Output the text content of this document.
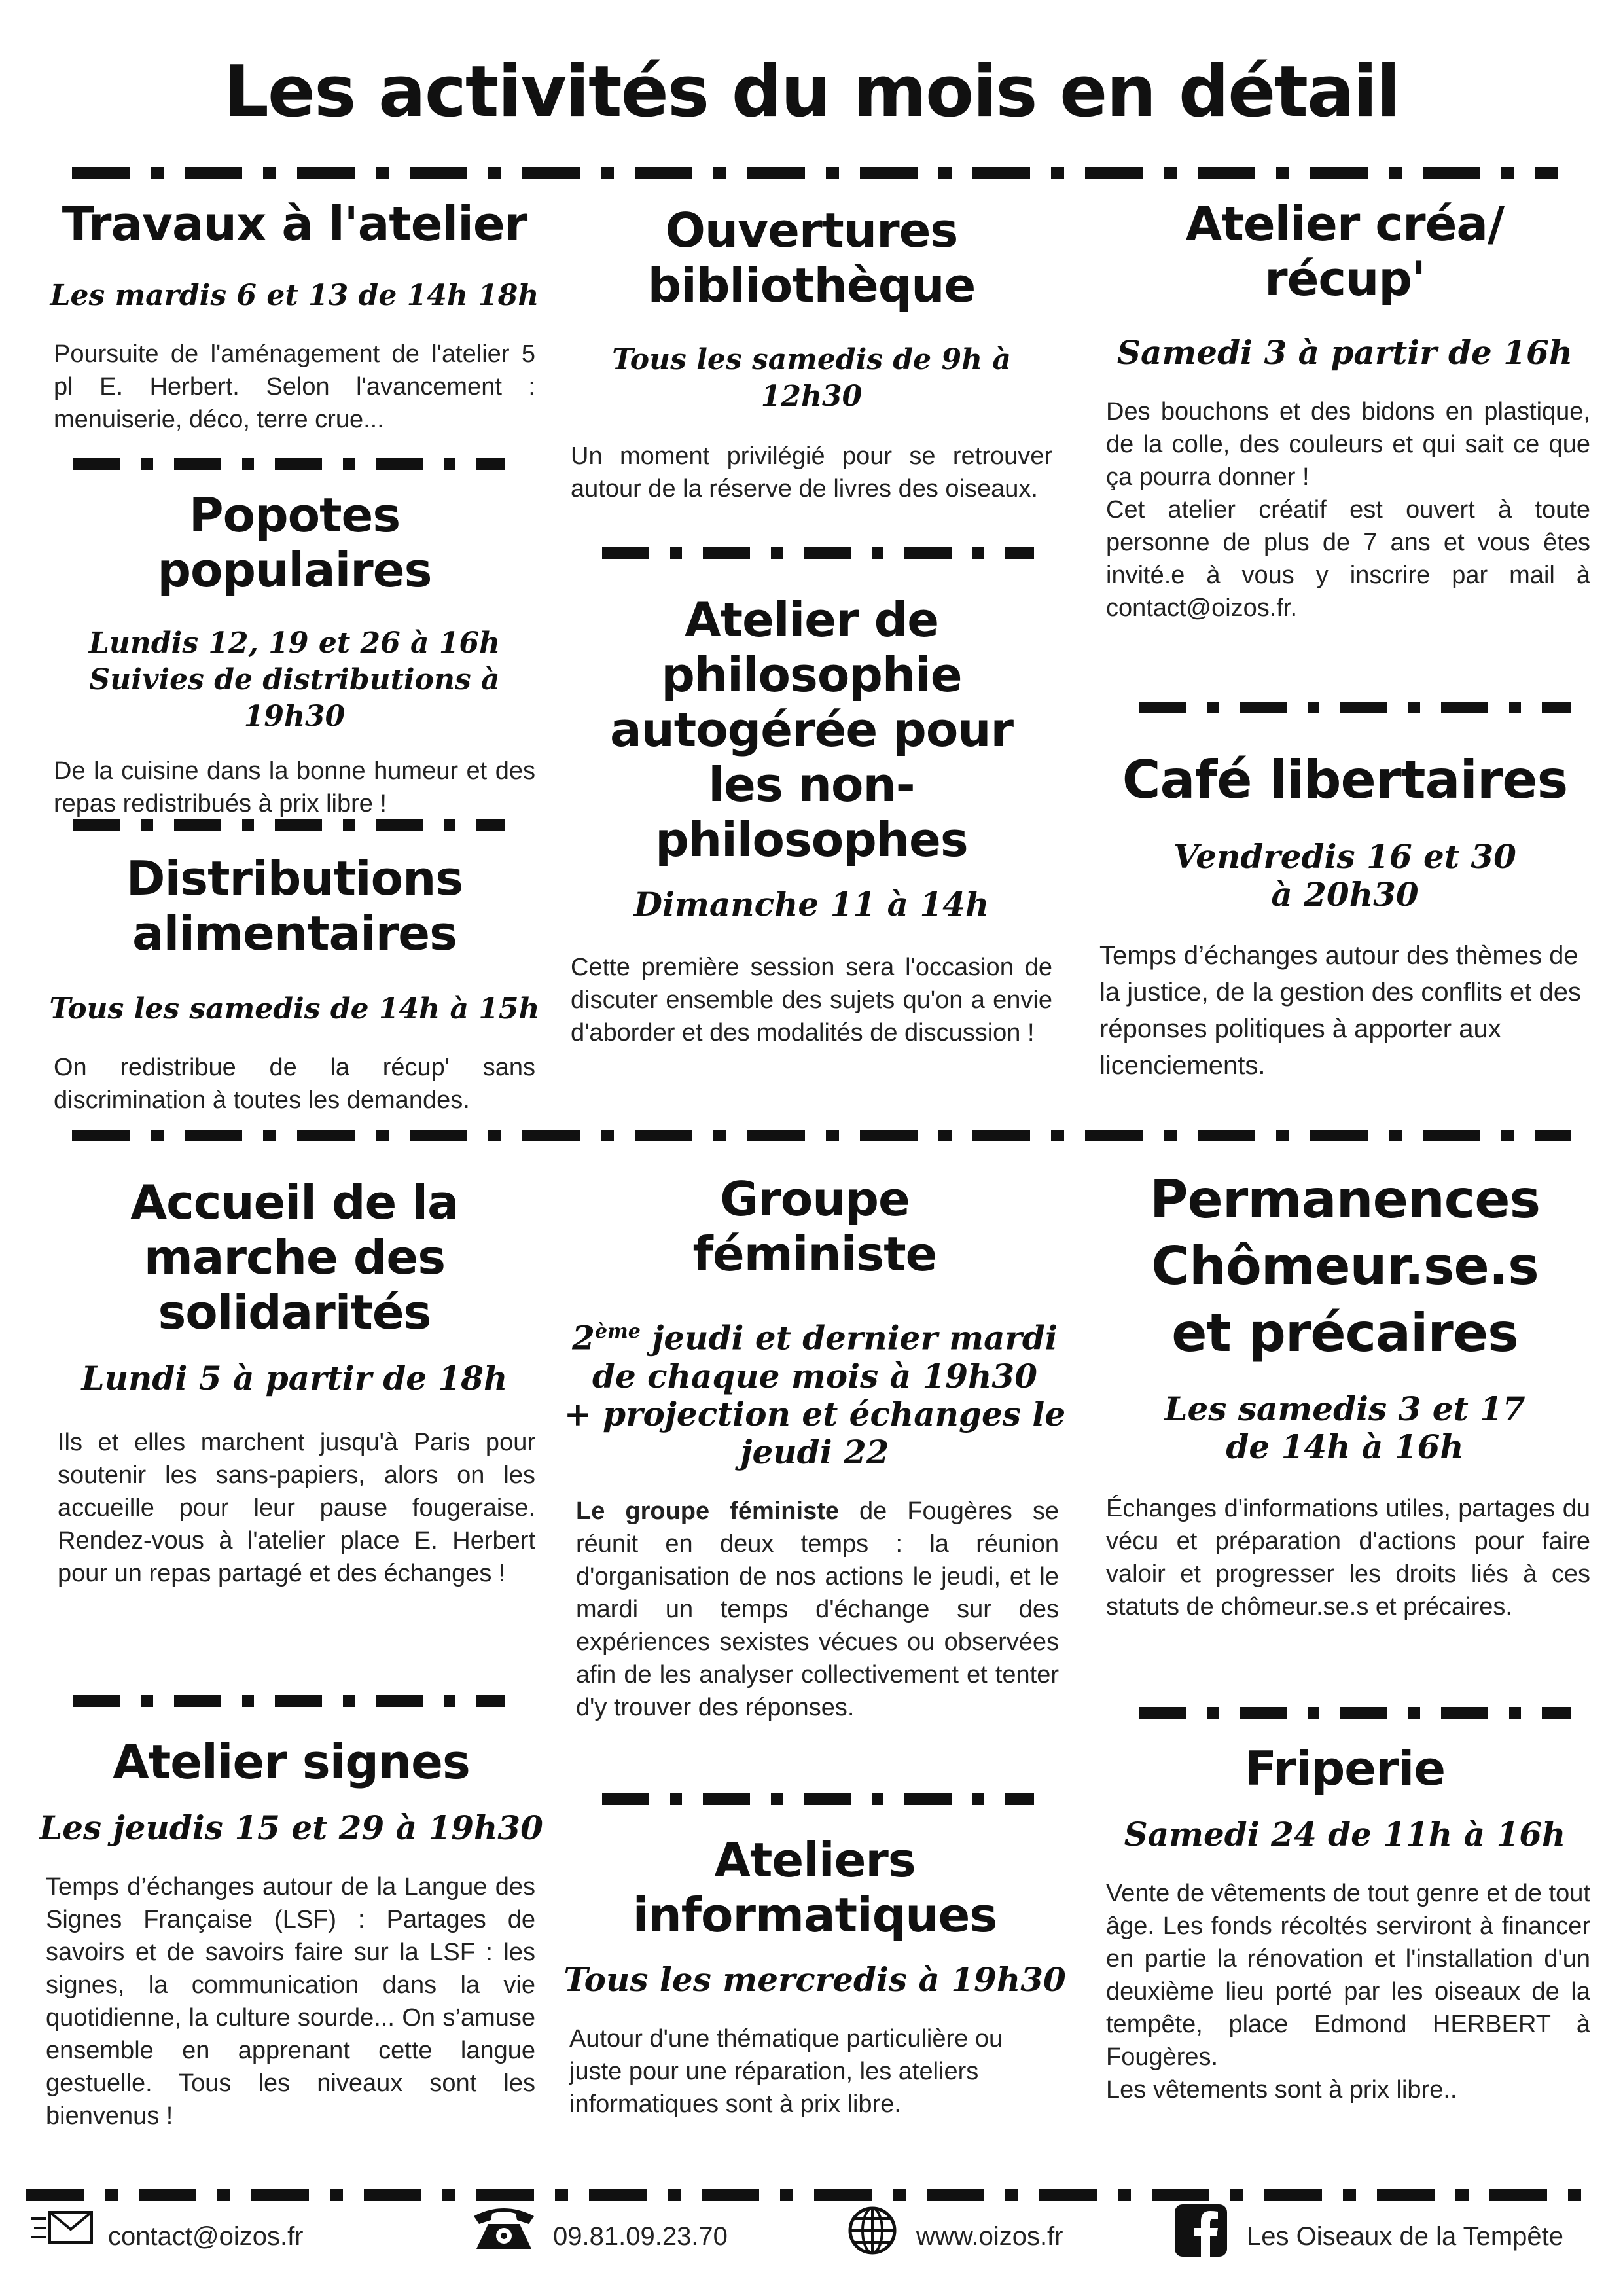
Les activités du mois en détail
Travaux à l'atelier
Les mardis 6 et 13 de 14h 18h
Poursuite de l'aménagement de l'atelier 5 pl E. Herbert. Selon l'avancement : menuiserie, déco, terre crue...
Popotes
populaires
Lundis 12, 19 et 26 à 16h
Suivies de distributions à 19h30
De la cuisine dans la bonne humeur et des repas redistribués à prix libre !
Distributions
alimentaires
Tous les samedis de 14h à 15h
On redistribue de la récup' sans discrimination à toutes les demandes.
Ouvertures
bibliothèque
Tous les samedis de 9h à 12h30
Un moment privilégié pour se retrouver autour de la réserve de livres des oiseaux.
Atelier de
philosophie
autogérée pour
les non-
philosophes
Dimanche 11 à 14h
Cette première session sera l'occasion de discuter ensemble des sujets qu'on a envie d'aborder et des modalités de discussion !
Atelier créa/
récup'
Samedi 3 à partir de 16h
Des bouchons et des bidons en plastique, de la colle, des couleurs et qui sait ce que ça pourra donner !
Cet atelier créatif est ouvert à toute personne de plus de 7 ans et vous êtes invité.e à vous y inscrire par mail à contact@oizos.fr.
Café libertaires
Vendredis 16 et 30
à 20h30
Temps d’échanges autour des thèmes de la justice, de la gestion des conflits et des réponses politiques à apporter aux licenciements.
Accueil de la
marche des
solidarités
Lundi 5 à partir de 18h
Ils et elles marchent jusqu'à Paris pour soutenir les sans-papiers, alors on les accueille pour leur pause fougeraise. Rendez-vous à l'atelier place E. Herbert pour un repas partagé et des échanges !
Atelier signes
Les jeudis 15 et 29 à 19h30
Temps d’échanges autour de la Langue des Signes Française (LSF) : Partages de savoirs et de savoirs faire sur la LSF : les signes, la communication dans la vie quotidienne, la culture sourde... On s’amuse ensemble en apprenant cette langue gestuelle. Tous les niveaux sont les bienvenus !
Groupe
féministe
2ème jeudi et dernier mardi
de chaque mois à 19h30
+ projection et échanges le
jeudi 22
Le groupe féministe de Fougères se réunit en deux temps : la réunion d'organisation de nos actions le jeudi, et le mardi un temps d'échange sur des expériences sexistes vécues ou observées afin de les analyser collectivement et tenter d'y trouver des réponses.
Ateliers
informatiques
Tous les mercredis à 19h30
Autour d'une thématique particulière ou juste pour une réparation, les ateliers informatiques sont à prix libre.
Permanences
Chômeur.se.s
et précaires
Les samedis 3 et 17
de 14h à 16h
Échanges d'informations utiles, partages du vécu et préparation d'actions pour faire valoir et progresser les droits liés à ces statuts de chômeur.se.s et précaires.
Friperie
Samedi 24 de 11h à 16h
Vente de vêtements de tout genre et de tout âge. Les fonds récoltés serviront à financer en partie la rénovation et l'installation d'un deuxième lieu porté par les oiseaux de la tempête, place Edmond HERBERT à Fougères.
Les vêtements sont à prix libre..
contact@oizos.fr	09.81.09.23.70	www.oizos.fr	Les Oiseaux de la Tempête
